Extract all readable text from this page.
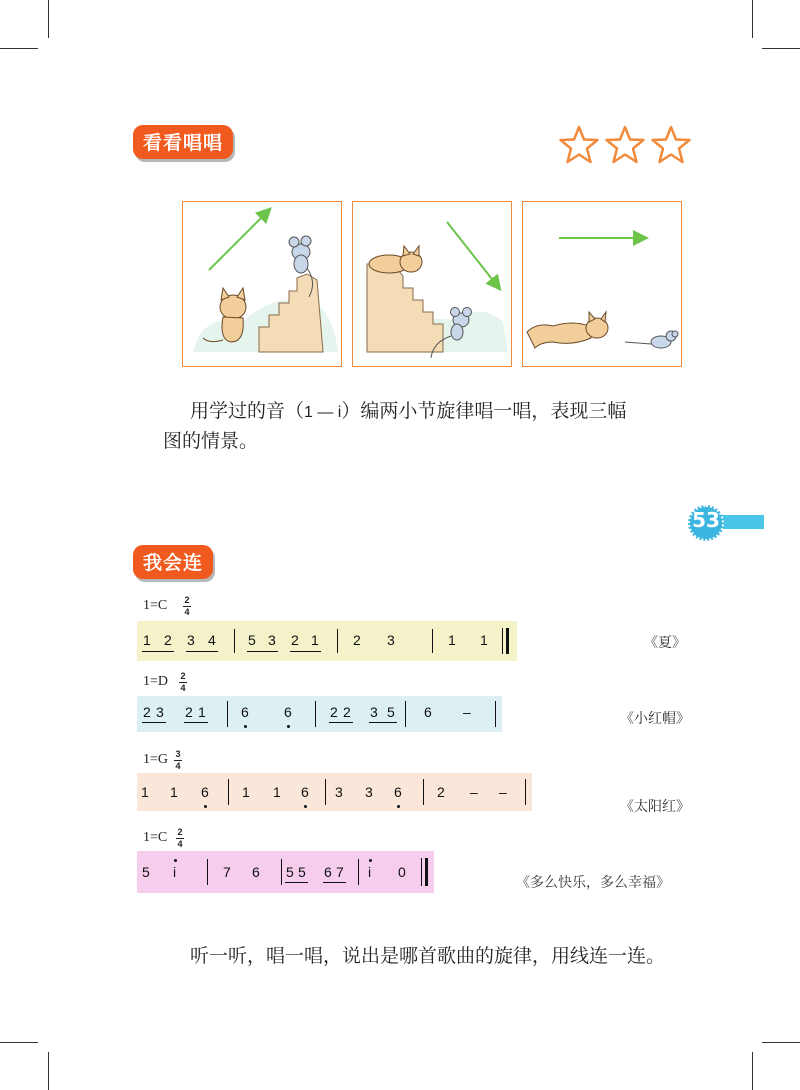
看看唱唱
用学过的音（1 — i）编两小节旋律唱一唱，表现三幅
图的情景。
53
我会连
1=C 2
4
1 2 3 4 5 3 2 1 2 3	1 1	《夏》
1=D 2
4
2 3 2 1	6	6	2 2 3 5 6 –	《小红帽》
1=G 3
4
1 1 6 1 1 6 3 3 6	2 – –
《太阳红》
1=C 2
4
5 i	7 6 5 5 6 7 i 0
《多么快乐，多么幸福》
听一听，唱一唱，说出是哪首歌曲的旋律，用线连一连。
